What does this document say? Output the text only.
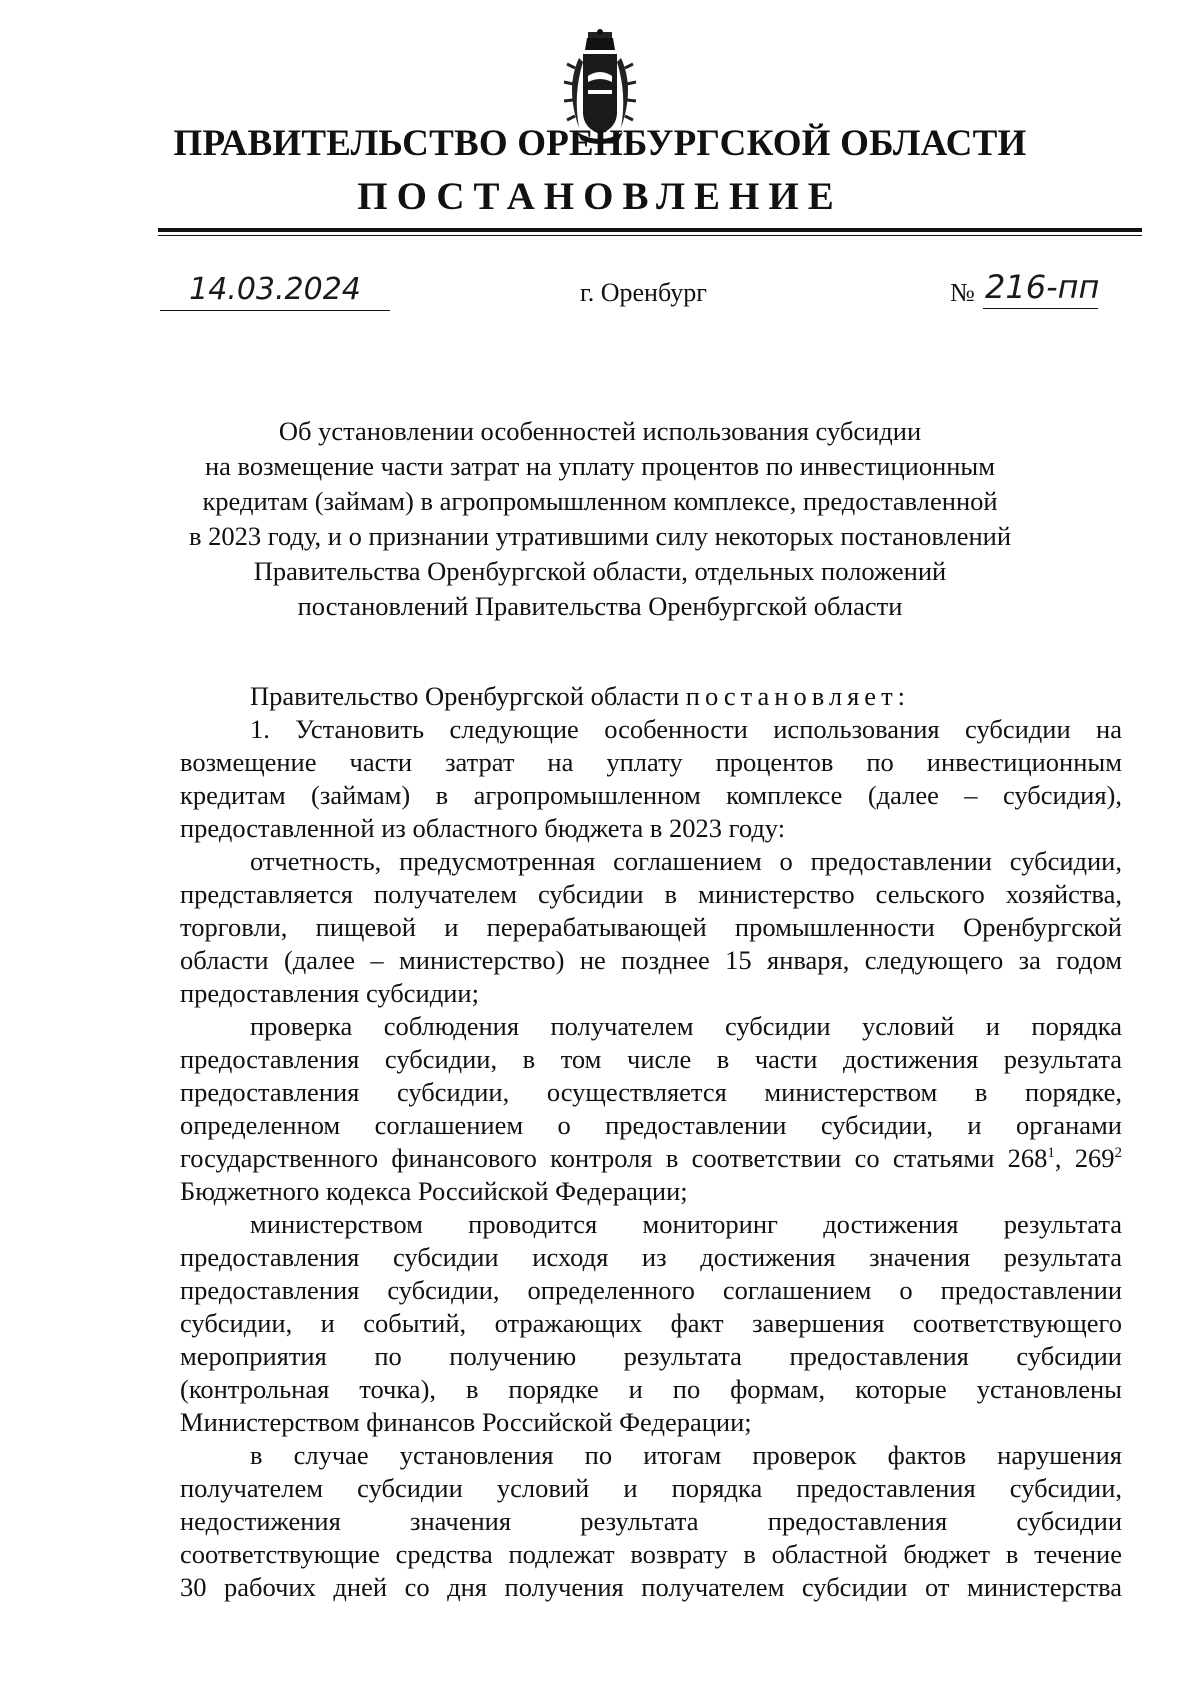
ПРАВИТЕЛЬСТВО ОРЕНБУРГСКОЙ ОБЛАСТИ
ПОСТАНОВЛЕНИЕ
14.03.2024	г. Оренбург	№ 216-пп
Об установлении особенностей использования субсидии
на возмещение части затрат на уплату процентов по инвестиционным
кредитам (займам) в агропромышленном комплексе, предоставленной
в 2023 году, и о признании утратившими силу некоторых постановлений
Правительства Оренбургской области, отдельных положений
постановлений Правительства Оренбургской области
Правительство Оренбургской области постановляет:
1. Установить следующие особенности использования субсидии на
возмещение части затрат на уплату процентов по инвестиционным
кредитам (займам) в агропромышленном комплексе (далее – субсидия),
предоставленной из областного бюджета в 2023 году:
отчетность, предусмотренная соглашением о предоставлении субсидии,
представляется получателем субсидии в министерство сельского хозяйства,
торговли, пищевой и перерабатывающей промышленности Оренбургской
области (далее – министерство) не позднее 15 января, следующего за годом
предоставления субсидии;
проверка соблюдения получателем субсидии условий и порядка
предоставления субсидии, в том числе в части достижения результата
предоставления субсидии, осуществляется министерством в порядке,
определенном соглашением о предоставлении субсидии, и органами
государственного финансового контроля в соответствии со статьями $268^1$, $269^2$
Бюджетного кодекса Российской Федерации;
министерством проводится мониторинг достижения результата
предоставления субсидии исходя из достижения значения результата
предоставления субсидии, определенного соглашением о предоставлении
субсидии, и событий, отражающих факт завершения соответствующего
мероприятия по получению результата предоставления субсидии
(контрольная точка), в порядке и по формам, которые установлены
Министерством финансов Российской Федерации;
в случае установления по итогам проверок фактов нарушения
получателем субсидии условий и порядка предоставления субсидии,
недостижения значения результата предоставления субсидии
соответствующие средства подлежат возврату в областной бюджет в течение
30 рабочих дней со дня получения получателем субсидии от министерства
